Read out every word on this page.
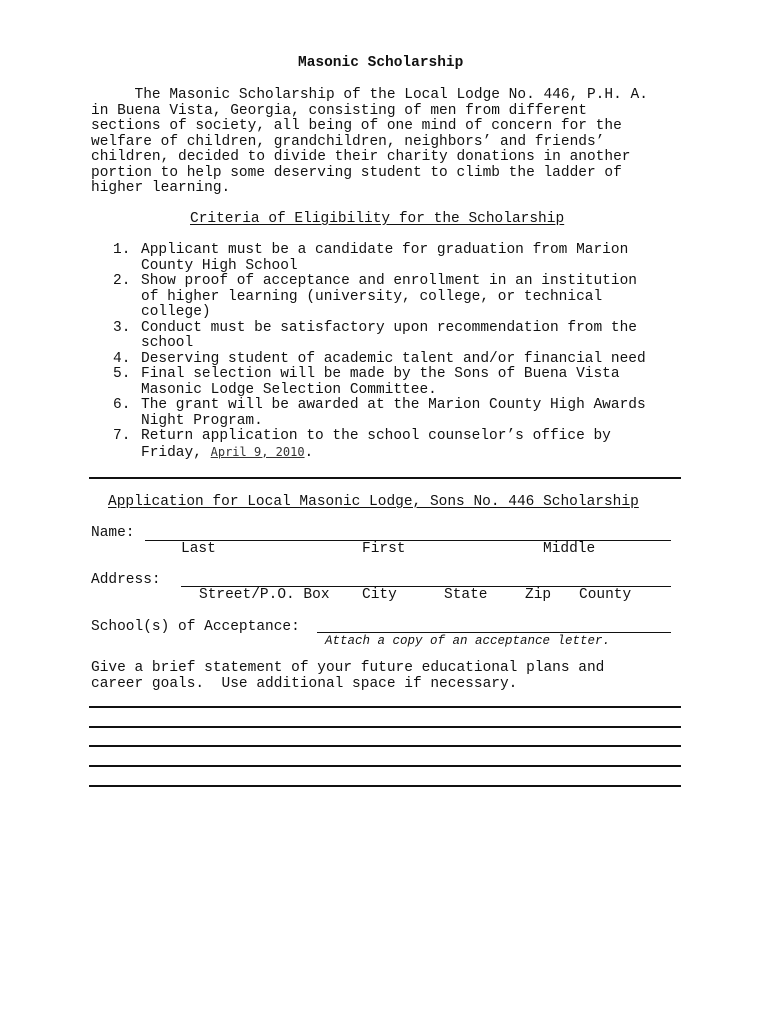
Masonic Scholarship
The Masonic Scholarship of the Local Lodge No. 446, P.H. A.
in Buena Vista, Georgia, consisting of men from different
sections of society, all being of one mind of concern for the
welfare of children, grandchildren, neighbors’ and friends’
children, decided to divide their charity donations in another
portion to help some deserving student to climb the ladder of
higher learning.
Criteria of Eligibility for the Scholarship
1. Applicant must be a candidate for graduation from Marion
County High School
2. Show proof of acceptance and enrollment in an institution
of higher learning (university, college, or technical
college)
3. Conduct must be satisfactory upon recommendation from the
school
4. Deserving student of academic talent and/or financial need
5. Final selection will be made by the Sons of Buena Vista
Masonic Lodge Selection Committee.
6. The grant will be awarded at the Marion County High Awards
Night Program.
7. Return application to the school counselor’s office by
Friday, April 9, 2010.
Application for Local Masonic Lodge, Sons No. 446 Scholarship
Name:
Last	First	Middle
Address:
Street/P.O. Box City	State	Zip County
School(s) of Acceptance:
Attach a copy of an acceptance letter.
Give a brief statement of your future educational plans and
career goals.  Use additional space if necessary.
